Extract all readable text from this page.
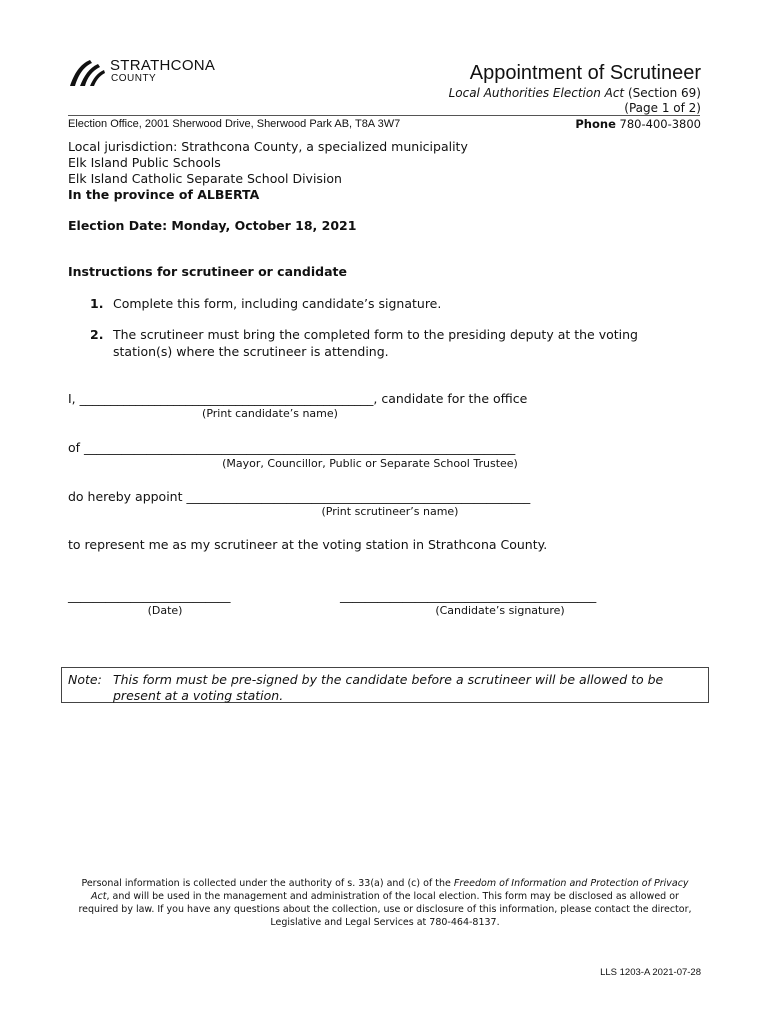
STRATHCONA
COUNTY	Appointment of Scrutineer
Local Authorities Election Act (Section 69)
(Page 1 of 2)
Election Office, 2001 Sherwood Drive, Sherwood Park AB, T8A 3W7	Phone 780-400-3800
Local jurisdiction: Strathcona County, a specialized municipality
Elk Island Public Schools
Elk Island Catholic Separate School Division
In the province of ALBERTA
Election Date: Monday, October 18, 2021
Instructions for scrutineer or candidate
1. Complete this form, including candidate’s signature.
2. The scrutineer must bring the completed form to the presiding deputy at the voting station(s) where the scrutineer is attending.
I, _______________________________________________, candidate for the office
(Print candidate’s name)
of _____________________________________________________________________
(Mayor, Councillor, Public or Separate School Trustee)
do hereby appoint _______________________________________________________
(Print scrutineer’s name)
to represent me as my scrutineer at the voting station in Strathcona County.
__________________________
(Date)
_________________________________________
(Candidate’s signature)
Note: This form must be pre-signed by the candidate before a scrutineer will be allowed to be present at a voting station.
Personal information is collected under the authority of s. 33(a) and (c) of the Freedom of Information and Protection of Privacy Act, and will be used in the management and administration of the local election. This form may be disclosed as allowed or required by law. If you have any questions about the collection, use or disclosure of this information, please contact the director, Legislative and Legal Services at 780-464-8137.
LLS 1203-A 2021-07-28
